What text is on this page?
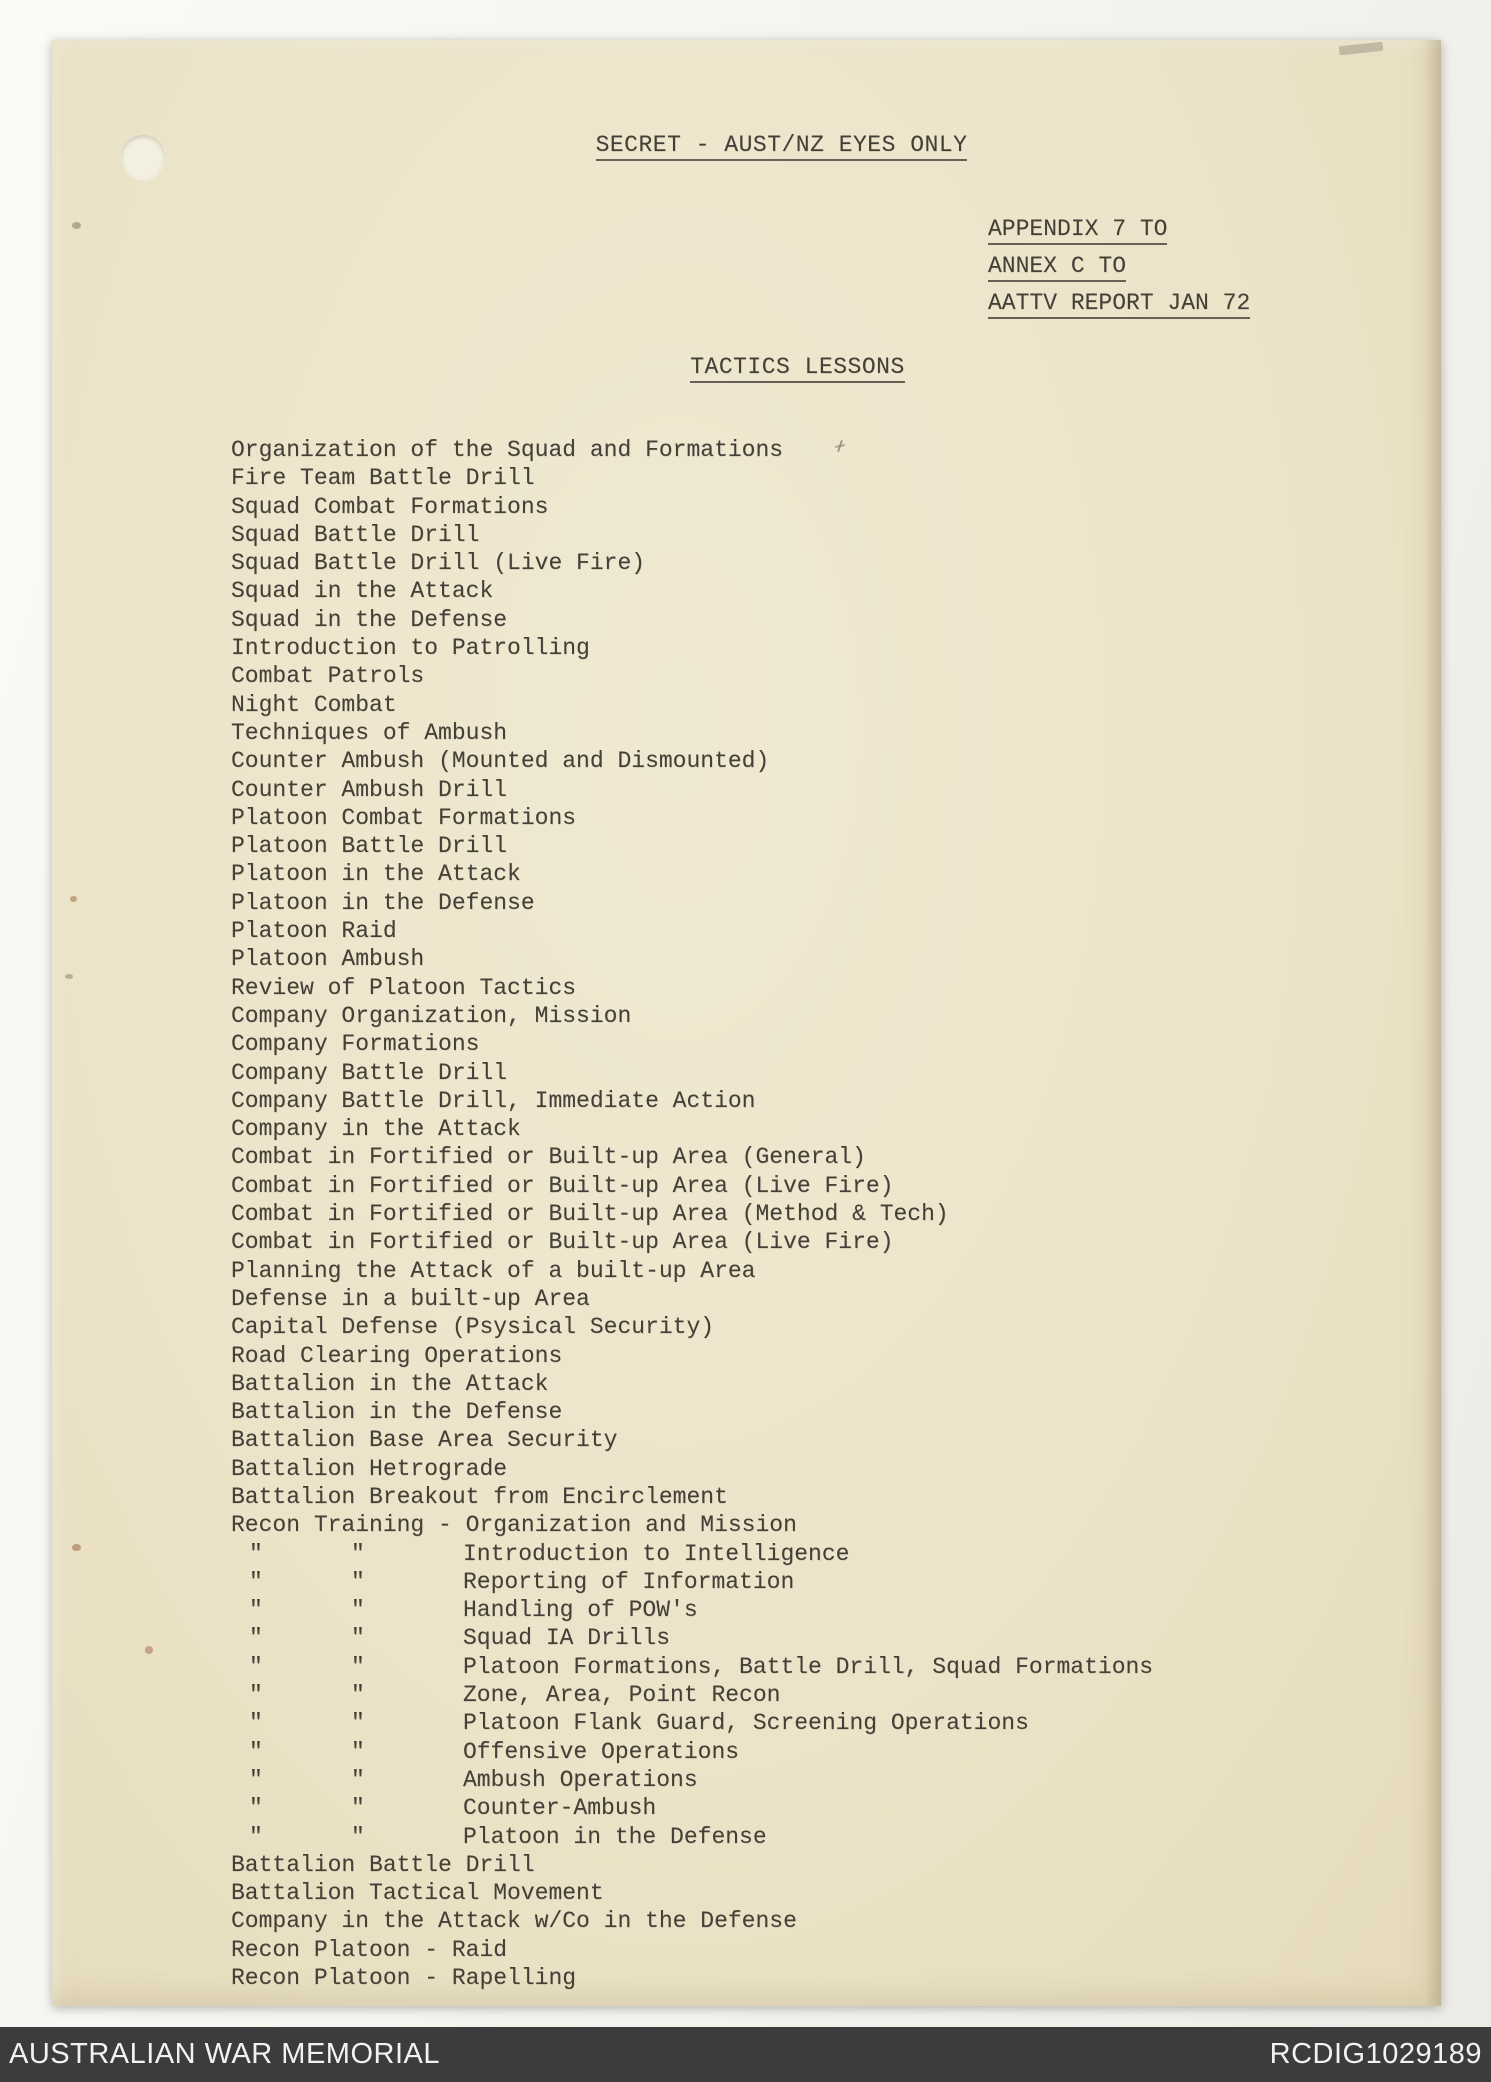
SECRET - AUST/NZ EYES ONLY
APPENDIX 7 TO
ANNEX C TO
AATTV REPORT JAN 72
TACTICS LESSONS
Organization of the Squad and Formations
Fire Team Battle Drill
Squad Combat Formations
Squad Battle Drill
Squad Battle Drill (Live Fire)
Squad in the Attack
Squad in the Defense
Introduction to Patrolling
Combat Patrols
Night Combat
Techniques of Ambush
Counter Ambush (Mounted and Dismounted)
Counter Ambush Drill
Platoon Combat Formations
Platoon Battle Drill
Platoon in the Attack
Platoon in the Defense
Platoon Raid
Platoon Ambush
Review of Platoon Tactics
Company Organization, Mission
Company Formations
Company Battle Drill
Company Battle Drill, Immediate Action
Company in the Attack
Combat in Fortified or Built-up Area (General)
Combat in Fortified or Built-up Area (Live Fire)
Combat in Fortified or Built-up Area (Method & Tech)
Combat in Fortified or Built-up Area (Live Fire)
Planning the Attack of a built-up Area
Defense in a built-up Area
Capital Defense (Psysical Security)
Road Clearing Operations
Battalion in the Attack
Battalion in the Defense
Battalion Base Area Security
Battalion Hetrograde
Battalion Breakout from Encirclement
Recon Training - Organization and Mission
"	"	Introduction to Intelligence
"	"	Reporting of Information
"	"	Handling of POW's
"	"	Squad IA Drills
"	"	Platoon Formations, Battle Drill, Squad Formations
"	"	Zone, Area, Point Recon
"	"	Platoon Flank Guard, Screening Operations
"	"	Offensive Operations
"	"	Ambush Operations
"	"	Counter-Ambush
"	"	Platoon in the Defense
Battalion Battle Drill
Battalion Tactical Movement
Company in the Attack w/Co in the Defense
Recon Platoon - Raid
Recon Platoon - Rapelling
AUSTRALIAN WAR MEMORIAL	RCDIG1029189
